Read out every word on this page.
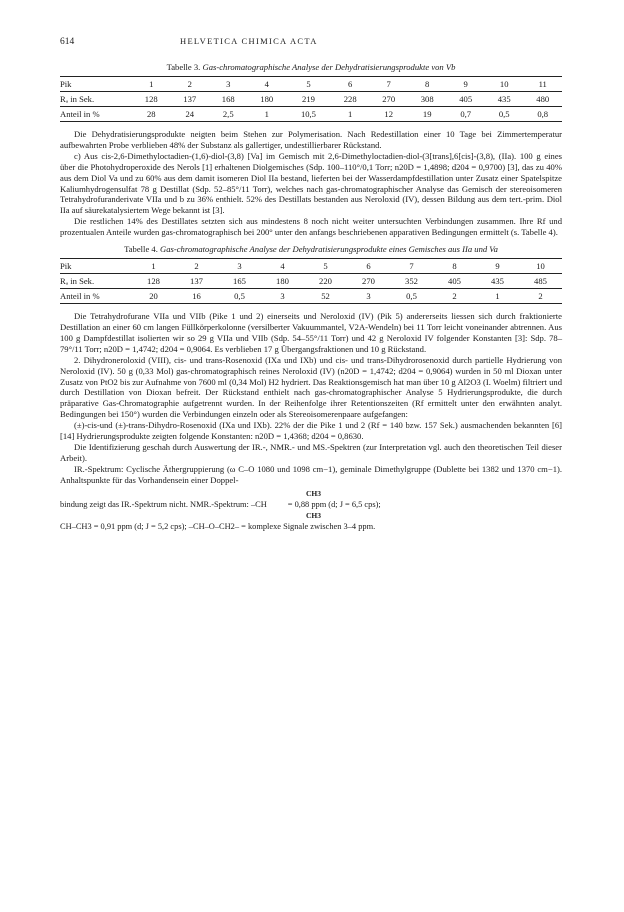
614	HELVETICA CHIMICA ACTA
Tabelle 3. Gas-chromatographische Analyse der Dehydratisierungsprodukte von Vb
Pik	1	2	3	4	5	6	7	8	9	10	11
Rₐ in Sek.	128	137	168	180	219	228	270	308	405	435	480
Anteil in %	28	24	2,5	1	10,5	1	12	19	0,7	0,5	0,8

Die Dehydratisierungsprodukte neigten beim Stehen zur Polymerisation. Nach Redestillation einer 10 Tage bei Zimmertemperatur aufbewahrten Probe verblieben 48% der Substanz als gallertiger, undestillierbarer Rückstand.

c) Aus cis-2,6-Dimethyloctadien-(1,6)-diol-(3,8) [Va] im Gemisch mit 2,6-Dimethyloctadien-diol-(3[trans],6[cis]-(3,8), (IIa). 100 g eines über die Photohydroperoxide des Nerols [1] erhaltenen Diolgemisches (Sdp. 100–110°/0,1 Torr; n20D = 1,4898; d204 = 0,9700) [3], das zu 40% aus dem Diol Va und zu 60% aus dem damit isomeren Diol IIa bestand, lieferten bei der Wasserdampfdestillation unter Zusatz einer Spatelspitze Kaliumhydrogensulfat 78 g Destillat (Sdp. 52–85°/11 Torr), welches nach gas-chromatographischer Analyse das Gemisch der stereoisomeren Tetrahydrofuranderivate VIIa und b zu 36% enthielt. 52% des Destillats bestanden aus Neroloxid (IV), dessen Bildung aus dem tert.-prim. Diol IIa auf säurekatalysiertem Wege bekannt ist [3].

Die restlichen 14% des Destillates setzten sich aus mindestens 8 noch nicht weiter untersuchten Verbindungen zusammen. Ihre Rf und prozentualen Anteile wurden gas-chromatographisch bei 200° unter den anfangs beschriebenen apparativen Bedingungen ermittelt (s. Tabelle 4).

Tabelle 4. Gas-chromatographische Analyse der Dehydratisierungsprodukte eines Gemisches aus IIa und Va
Pik	1	2	3	4	5	6	7	8	9	10
Rₐ in Sek.	128	137	165	180	220	270	352	405	435	485
Anteil in %	20	16	0,5	3	52	3	0,5	2	1	2

Die Tetrahydrofurane VIIa und VIIb (Pike 1 und 2) einerseits und Neroloxid (IV) (Pik 5) andererseits liessen sich durch fraktionierte Destillation an einer 60 cm langen Füllkörperkolonne (versilberter Vakuummantel, V2A-Wendeln) bei 11 Torr leicht voneinander abtrennen. Aus 100 g Dampfdestillat isolierten wir so 29 g VIIa und VIIb (Sdp. 54–55°/11 Torr) und 42 g Neroloxid IV folgender Konstanten [3]: Sdp. 78–79°/11 Torr; n20D = 1,4742; d204 = 0,9064. Es verblieben 17 g Übergangsfraktionen und 10 g Rückstand.

2. Dihydroneroloxid (VIII), cis- und trans-Rosenoxid (IXa und IXb) und cis- und trans-Dihydrorosenoxid durch partielle Hydrierung von Neroloxid (IV). 50 g (0,33 Mol) gas-chromatographisch reines Neroloxid (IV) (n20D = 1,4742; d204 = 0,9064) wurden in 50 ml Dioxan unter Zusatz von PtO2 bis zur Aufnahme von 7600 ml (0,34 Mol) H2 hydriert. Das Reaktionsgemisch hat man über 10 g Al2O3 (I. Woelm) filtriert und durch Destillation von Dioxan befreit. Der Rückstand enthielt nach gas-chromatographischer Analyse 5 Hydrierungsprodukte, die durch präparative Gas-Chromatographie aufgetrennt wurden. In der Reihenfolge ihrer Retentionszeiten (Rf ermittelt unter den erwähnten analyt. Bedingungen bei 150°) wurden die Verbindungen einzeln oder als Stereoisomerenpaare aufgefangen:

(±)-cis-und (±)-trans-Dihydro-Rosenoxid (IXa und IXb). 22% der die Pike 1 und 2 (Rf = 140 bzw. 157 Sek.) ausmachenden bekannten [6] [14] Hydrierungsprodukte zeigten folgende Konstanten: n20D = 1,4368; d204 = 0,8630.

Die Identifizierung geschah durch Auswertung der IR.-, NMR.- und MS.-Spektren (zur Interpretation vgl. auch den theoretischen Teil dieser Arbeit).

IR.-Spektrum: Cyclische Äthergruppierung (ω C–O 1080 und 1098 cm−1), geminale Dimethylgruppe (Dublette bei 1382 und 1370 cm−1). Anhaltspunkte für das Vorhandensein einer Doppel-

CH3
bindung zeigt das IR.-Spektrum nicht. NMR.-Spektrum: –CH = 0,88 ppm (d; J = 6,5 cps);
CH3
CH–CH3 = 0,91 ppm (d; J = 5,2 cps); –CH–O–CH2– = komplexe Signale zwischen 3–4 ppm.
